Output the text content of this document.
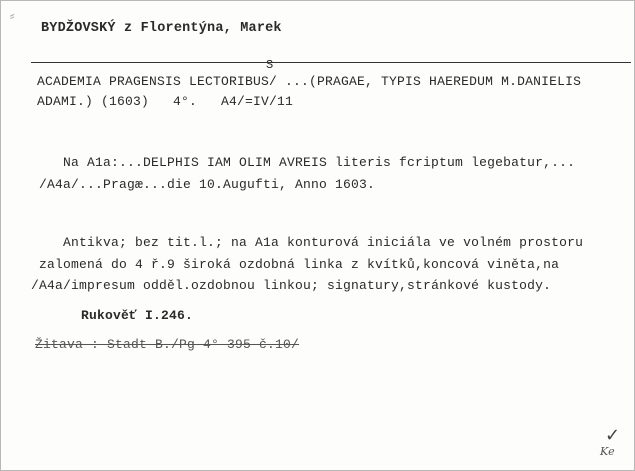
⸗
BYDŽOVSKÝ z Florentýna, Marek
S
ACADEMIA PRAGENSIS LECTORIBUS/ ...(PRAGAE, TYPIS HAEREDUM M.DANIELIS
ADAMI.) (1603)   4°.   A4/=IV/11
Na A1a:...DELPHIS IAM OLIM AVREIS literis fcriptum legebatur,...
/A4a/...Pragæ...die 10.Augufti, Anno 1603.
Antikva; bez tit.l.; na A1a konturová iniciála ve volném prostoru
zalomená do 4 ř.9 široká ozdobná linka z kvítků,koncová viněta,na
/A4a/impresum odděl.ozdobnou linkou; signatury,stránkové kustody.
Rukověť I.246.
Žitava : Stadt B./Pg 4° 395 č.10/
✓
Ke
